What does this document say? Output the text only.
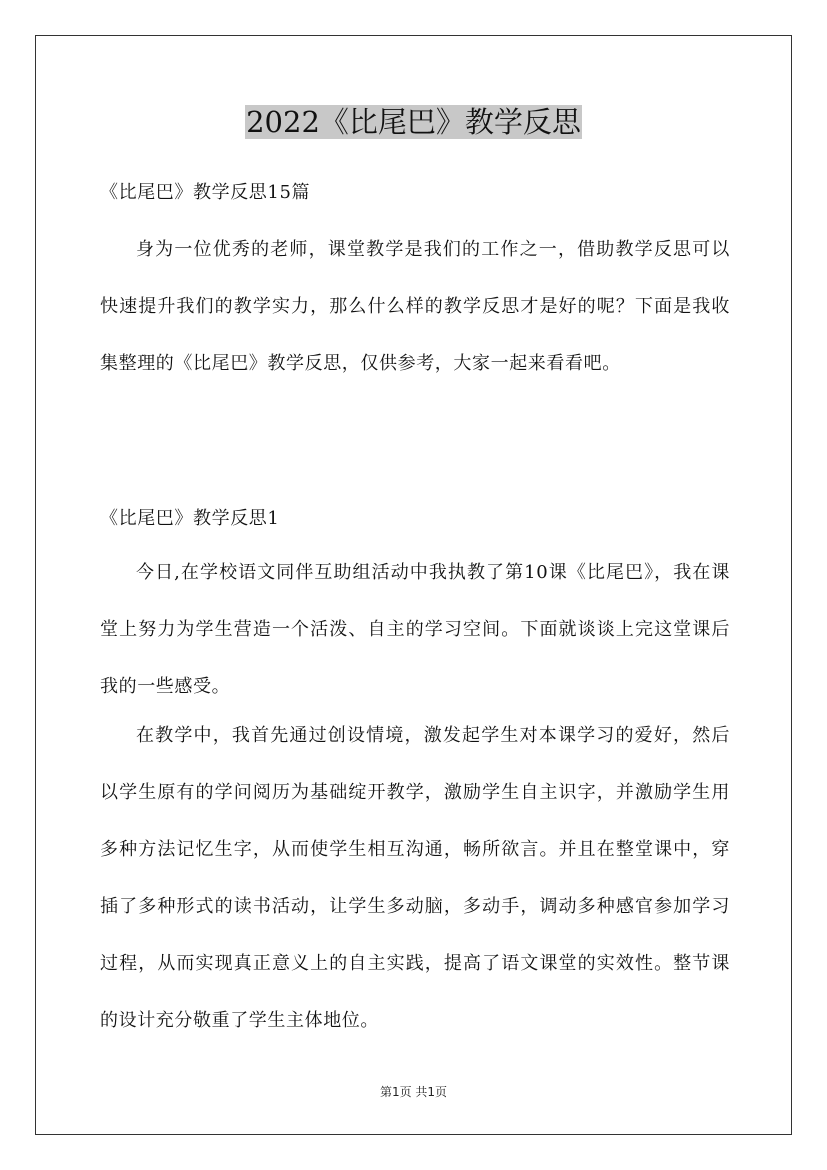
2022《比尾巴》教学反思
《比尾巴》教学反思15篇
身为一位优秀的老师，课堂教学是我们的工作之一，借助教学反思可以快速提升我们的教学实力，那么什么样的教学反思才是好的呢？下面是我收集整理的《比尾巴》教学反思，仅供参考，大家一起来看看吧。
《比尾巴》教学反思1
今日,在学校语文同伴互助组活动中我执教了第10课《比尾巴》，我在课堂上努力为学生营造一个活泼、自主的学习空间。下面就谈谈上完这堂课后我的一些感受。
在教学中，我首先通过创设情境，激发起学生对本课学习的爱好，然后以学生原有的学问阅历为基础绽开教学，激励学生自主识字，并激励学生用多种方法记忆生字，从而使学生相互沟通，畅所欲言。并且在整堂课中，穿插了多种形式的读书活动，让学生多动脑，多动手，调动多种感官参加学习过程，从而实现真正意义上的自主实践，提高了语文课堂的实效性。整节课的设计充分敬重了学生主体地位。
第1页 共1页
